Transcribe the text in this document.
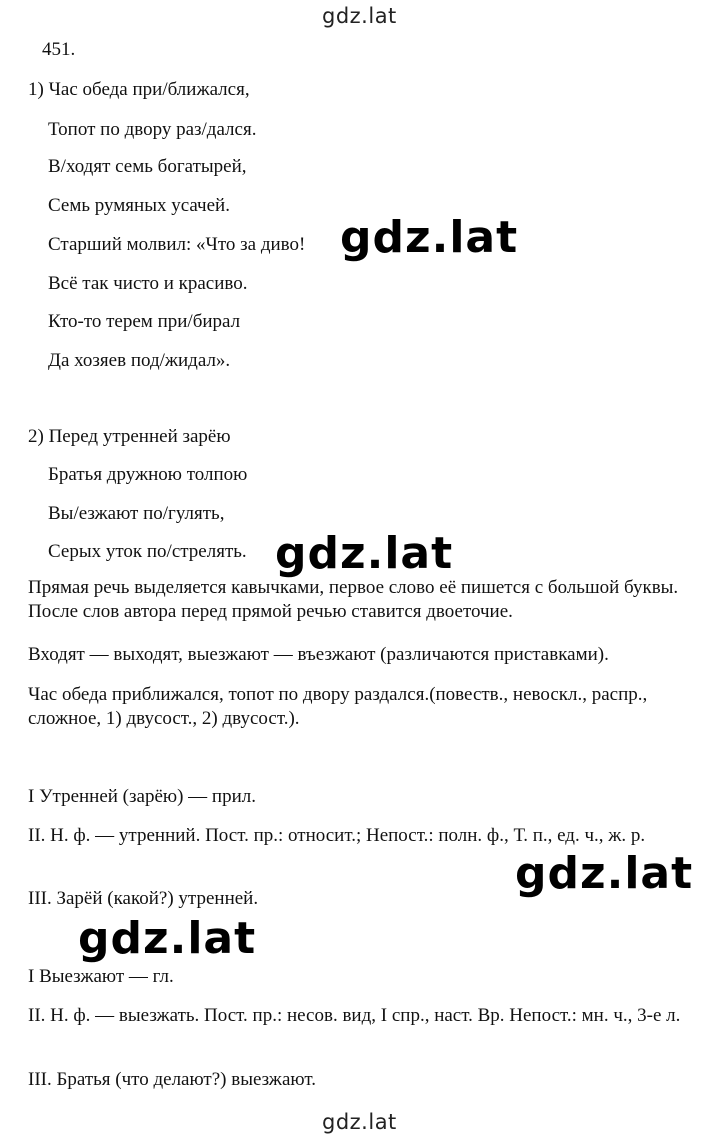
gdz.lat
451.
1) Час обеда при/ближался,
Топот по двору раз/дался.
В/ходят семь богатырей,
Семь румяных усачей.
Старший молвил: «Что за диво!
Всё так чисто и красиво.
Кто-то терем при/бирал
Да хозяев под/жидал».
2) Перед утренней зарёю
Братья дружною толпою
Вы/езжают по/гулять,
Серых уток по/стрелять.
Прямая речь выделяется кавычками, первое слово её пишется с большой буквы. После слов автора перед прямой речью ставится двоеточие.
Входят — выходят, выезжают — въезжают (различаются приставками).
Час обеда приближался, топот по двору раздался.(повеств., невоскл., распр., сложное, 1) двусост., 2) двусост.).
I Утренней (зарёю) — прил.
II. Н. ф. — утренний. Пост. пр.: относит.; Непост.: полн. ф., Т. п., ед. ч., ж. р.
III. Зарёй (какой?) утренней.
I Выезжают — гл.
II. Н. ф. — выезжать. Пост. пр.: несов. вид, I спр., наст. Вр. Непост.: мн. ч., 3-е л.
III. Братья (что делают?) выезжают.
gdz.lat
gdz.lat
gdz.lat
gdz.lat
gdz.lat
